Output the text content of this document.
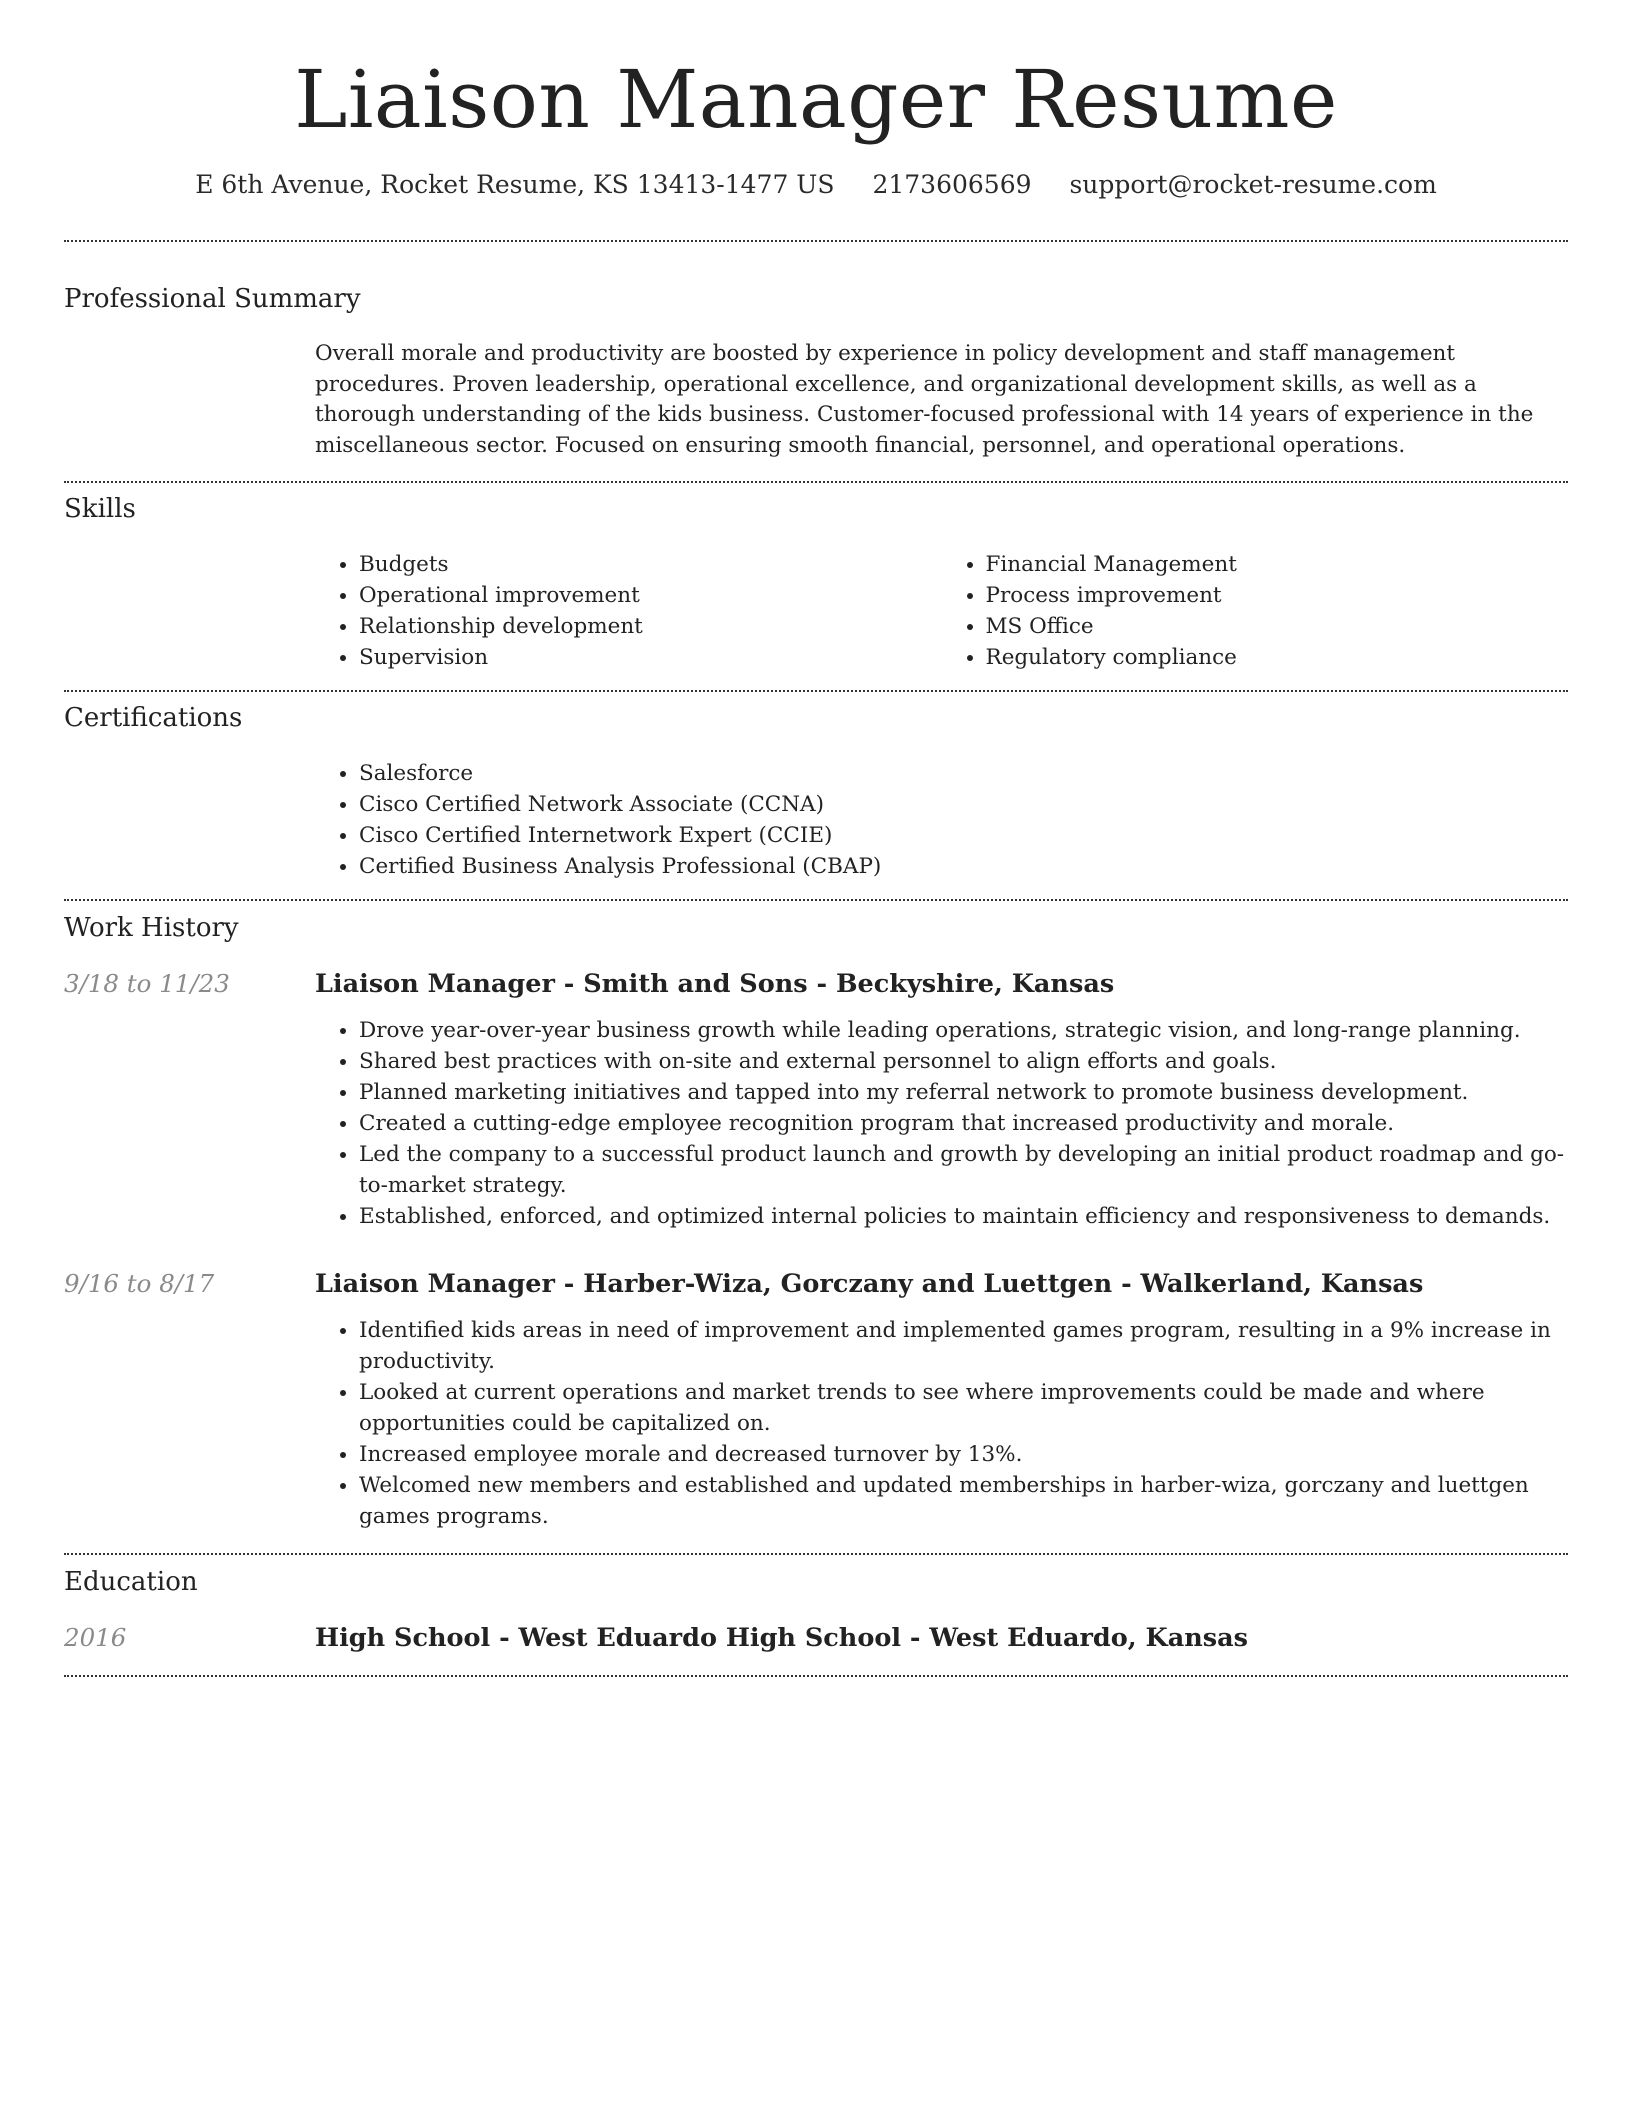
Liaison Manager Resume
E 6th Avenue, Rocket Resume, KS 13413-1477 US 2173606569 support@rocket-resume.com
Professional Summary

Overall morale and productivity are boosted by experience in policy development and staff management procedures. Proven leadership, operational excellence, and organizational development skills, as well as a thorough understanding of the kids business. Customer-focused professional with 14 years of experience in the miscellaneous sector. Focused on ensuring smooth financial, personnel, and operational operations.

Skills
• Budgets
• Operational improvement
• Relationship development
• Supervision
• Financial Management
• Process improvement
• MS Office
• Regulatory compliance
Certifications
• Salesforce
• Cisco Certified Network Associate (CCNA)
• Cisco Certified Internetwork Expert (CCIE)
• Certified Business Analysis Professional (CBAP)
Work History
3/18 to 11/23	Liaison Manager - Smith and Sons - Beckyshire, Kansas
• Drove year-over-year business growth while leading operations, strategic vision, and long-range planning.
• Shared best practices with on-site and external personnel to align efforts and goals.
• Planned marketing initiatives and tapped into my referral network to promote business development.
• Created a cutting-edge employee recognition program that increased productivity and morale.
• Led the company to a successful product launch and growth by developing an initial product roadmap and go-to-market strategy.
• Established, enforced, and optimized internal policies to maintain efficiency and responsiveness to demands.
9/16 to 8/17	Liaison Manager - Harber-Wiza, Gorczany and Luettgen - Walkerland, Kansas
• Identified kids areas in need of improvement and implemented games program, resulting in a 9% increase in productivity.
• Looked at current operations and market trends to see where improvements could be made and where opportunities could be capitalized on.
• Increased employee morale and decreased turnover by 13%.
• Welcomed new members and established and updated memberships in harber-wiza, gorczany and luettgen games programs.
Education
2016	High School - West Eduardo High School - West Eduardo, Kansas
